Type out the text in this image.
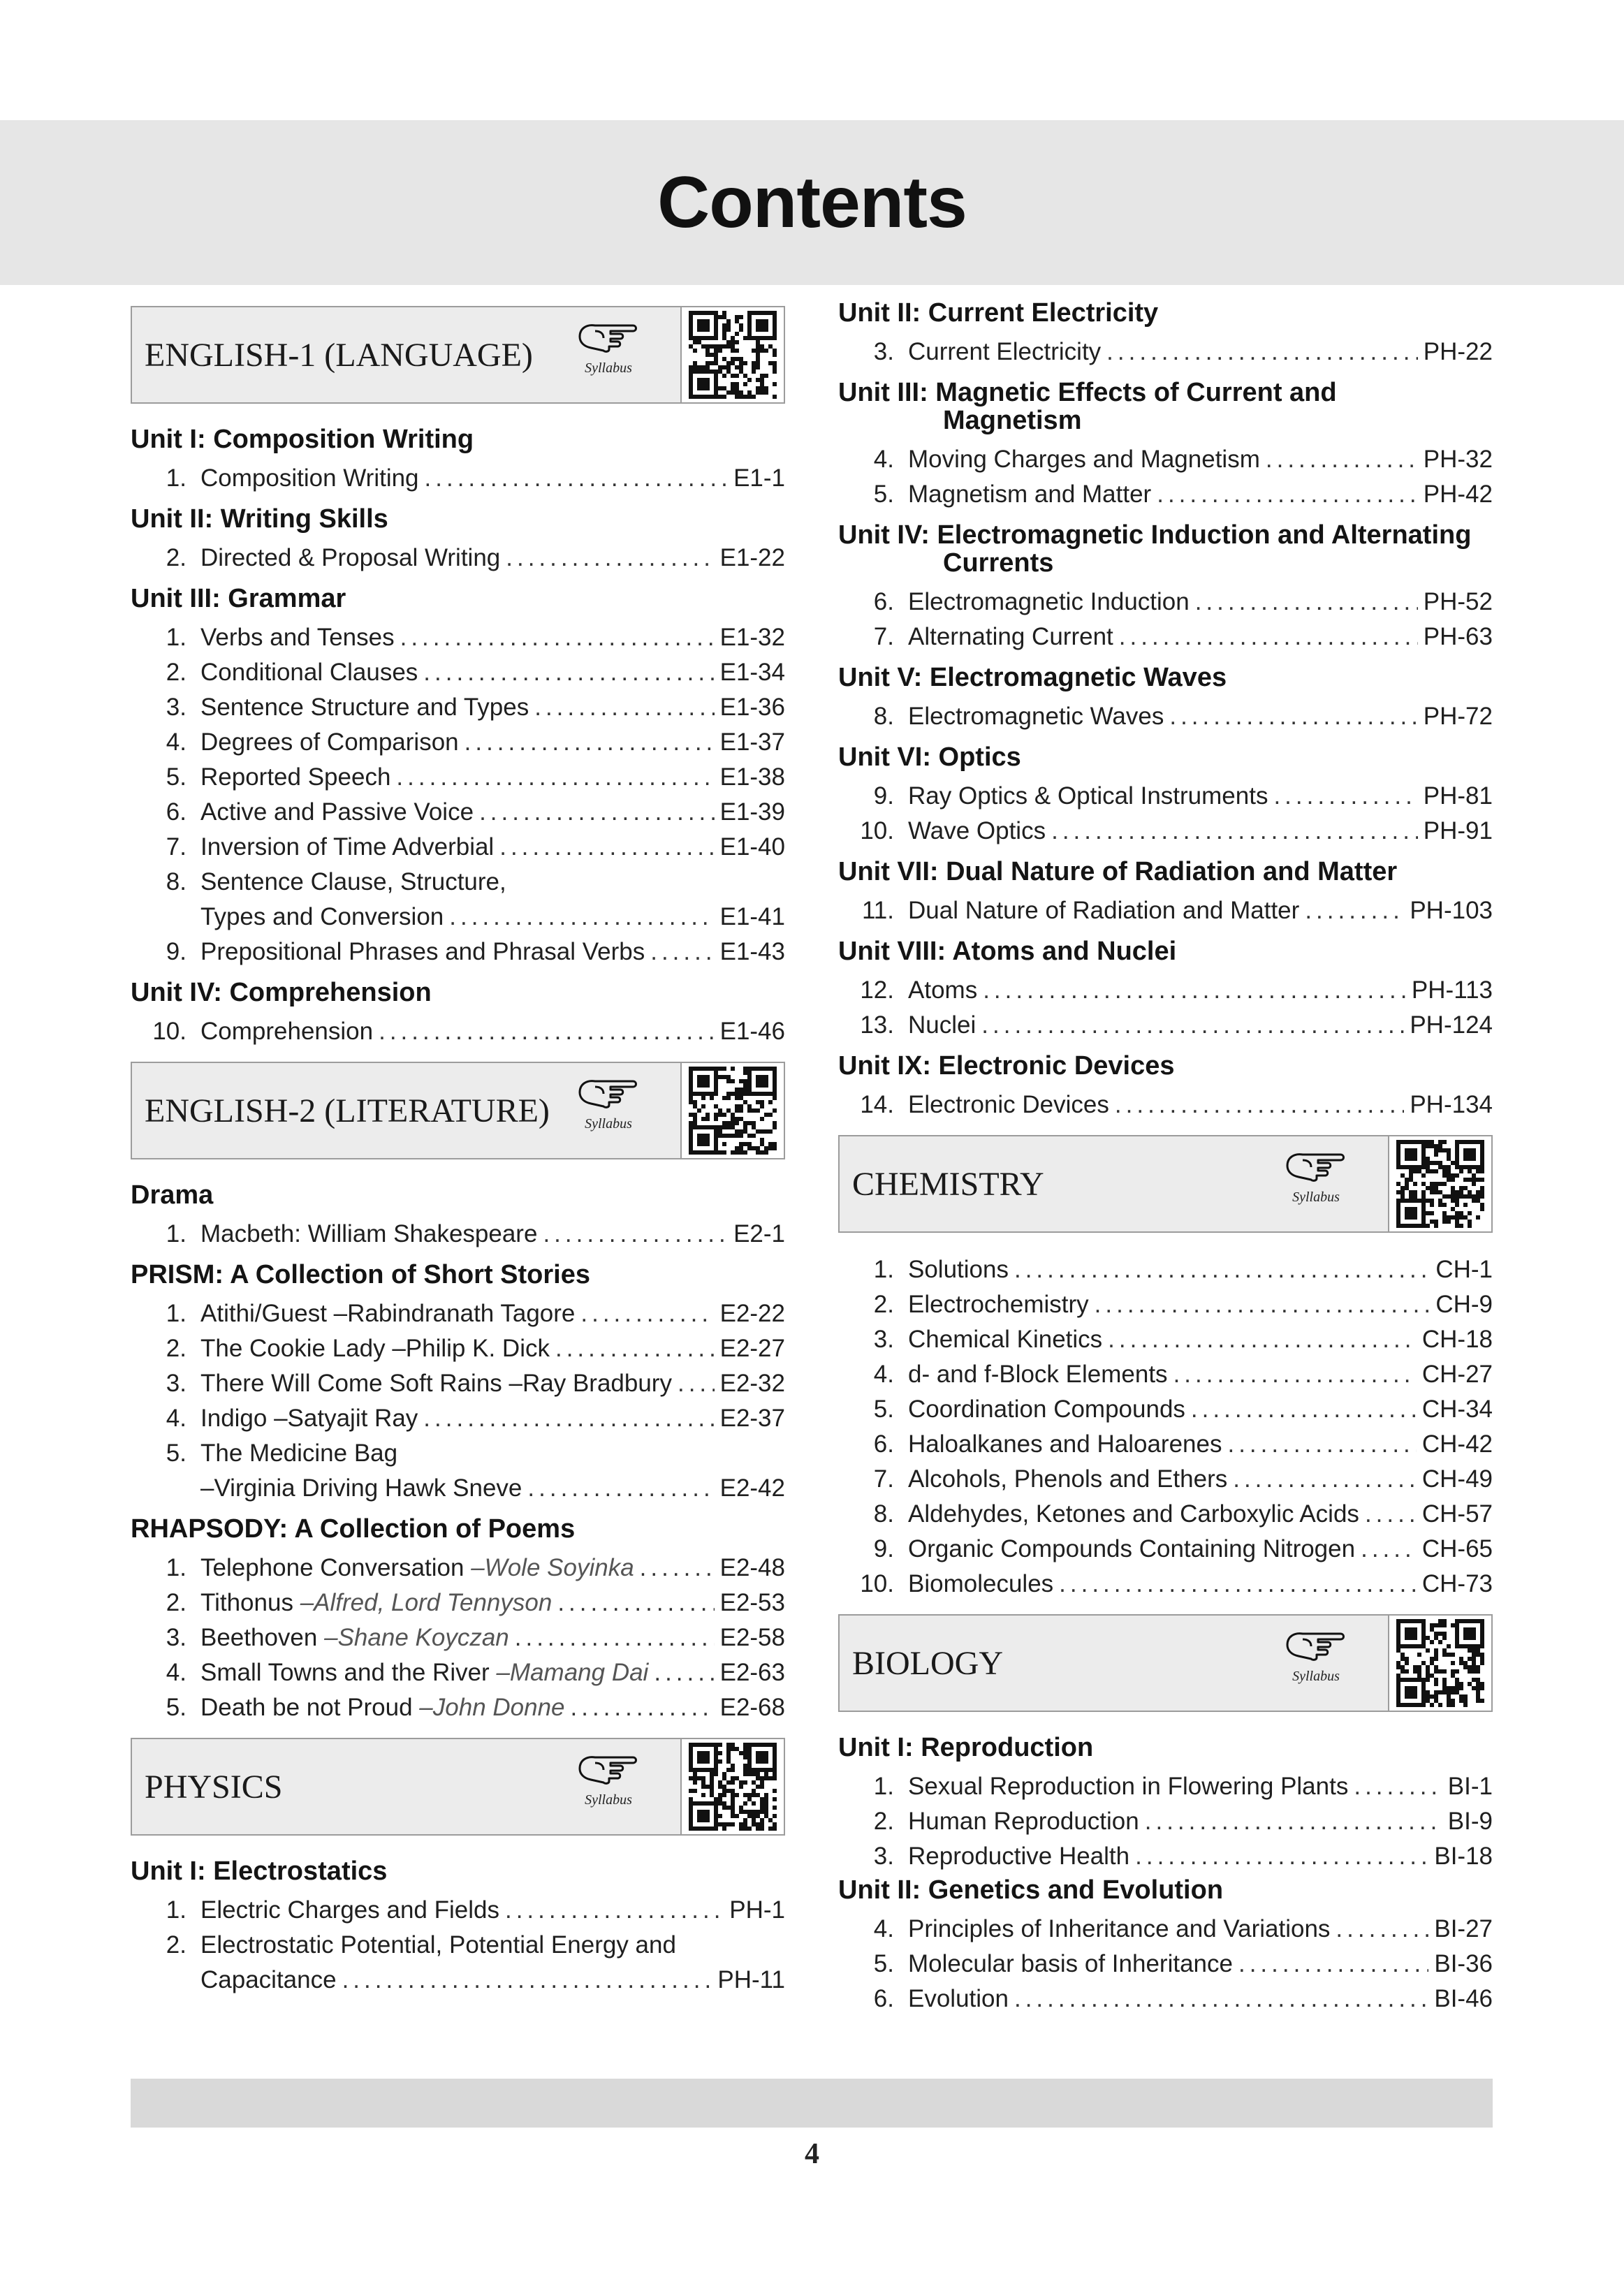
Contents
ENGLISH-1 (LANGUAGE)	Syllabus
Unit I: Composition Writing
1. Composition Writing .....	E1-1
Unit II: Writing Skills
2. Directed & Proposal Writing .....	E1-22
Unit III: Grammar
1. Verbs and Tenses .....	E1-32
2. Conditional Clauses .....	E1-34
3. Sentence Structure and Types .....	E1-36
4. Degrees of Comparison .....	E1-37
5. Reported Speech .....	E1-38
6. Active and Passive Voice .....	E1-39
7. Inversion of Time Adverbial .....	E1-40
8. Sentence Clause, Structure,
Types and Conversion .....	E1-41
9. Prepositional Phrases and Phrasal Verbs .....	E1-43
Unit IV: Comprehension
10. Comprehension .....	E1-46
ENGLISH-2 (LITERATURE)	Syllabus
Drama
1. Macbeth: William Shakespeare .....	E2-1
PRISM: A Collection of Short Stories
1. Atithi/Guest –Rabindranath Tagore .....	E2-22
2. The Cookie Lady –Philip K. Dick .....	E2-27
3. There Will Come Soft Rains –Ray Bradbury ..... E2-32
4. Indigo –Satyajit Ray .....	E2-37
5. The Medicine Bag
–Virginia Driving Hawk Sneve .....	E2-42
RHAPSODY: A Collection of Poems
1. Telephone Conversation –Wole Soyinka .....	E2-48
2. Tithonus –Alfred, Lord Tennyson .....	E2-53
3. Beethoven –Shane Koyczan .....	E2-58
4. Small Towns and the River –Mamang Dai .....	E2-63
5. Death be not Proud –John Donne .....	E2-68
PHYSICS	Syllabus
Unit I: Electrostatics
1. Electric Charges and Fields .....	PH-1
2. Electrostatic Potential, Potential Energy and
Capacitance .....	PH-11
Unit II: Current Electricity
3. Current Electricity .....	PH-22
Unit III: Magnetic Effects of Current and
Magnetism
4. Moving Charges and Magnetism .....	PH-32
5. Magnetism and Matter .....	PH-42
Unit IV: Electromagnetic Induction and Alternating
Currents
6. Electromagnetic Induction .....	PH-52
7. Alternating Current .....	PH-63
Unit V: Electromagnetic Waves
8. Electromagnetic Waves .....	PH-72
Unit VI: Optics
9. Ray Optics & Optical Instruments .....	PH-81
10. Wave Optics .....	PH-91
Unit VII: Dual Nature of Radiation and Matter
11. Dual Nature of Radiation and Matter .....	PH-103
Unit VIII: Atoms and Nuclei
12. Atoms .....	PH-113
13. Nuclei .....	PH-124
Unit IX: Electronic Devices
14. Electronic Devices .....	PH-134
CHEMISTRY	Syllabus
1. Solutions .....	CH-1
2. Electrochemistry .....	CH-9
3. Chemical Kinetics .....	CH-18
4. d- and f-Block Elements .....	CH-27
5. Coordination Compounds .....	CH-34
6. Haloalkanes and Haloarenes .....	CH-42
7. Alcohols, Phenols and Ethers .....	CH-49
8. Aldehydes, Ketones and Carboxylic Acids .....	CH-57
9. Organic Compounds Containing Nitrogen .....	CH-65
10. Biomolecules .....	CH-73
BIOLOGY	Syllabus
Unit I: Reproduction
1. Sexual Reproduction in Flowering Plants .....	BI-1
2. Human Reproduction .....	BI-9
3. Reproductive Health .....	BI-18
Unit II: Genetics and Evolution
4. Principles of Inheritance and Variations .....	BI-27
5. Molecular basis of Inheritance .....	BI-36
6. Evolution .....	BI-46
4
